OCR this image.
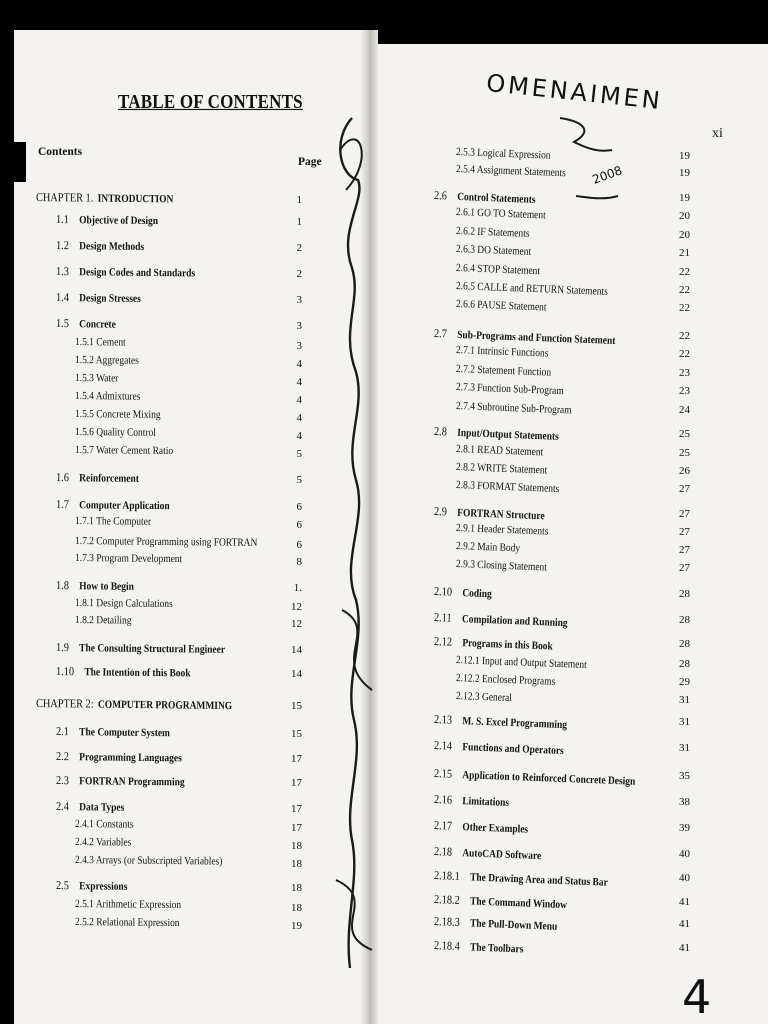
TABLE OF CONTENTS
Contents
Page
CHAPTER 1. INTRODUCTION	1
1.1 Objective of Design	1
1.2 Design Methods	2
1.3 Design Codes and Standards	2
1.4 Design Stresses	3
1.5 Concrete	3
1.5.1 Cement	3
1.5.2 Aggregates	4
1.5.3 Water	4
1.5.4 Admixtures	4
1.5.5 Concrete Mixing	4
1.5.6 Quality Control	4
1.5.7 Water Cement Ratio	5
1.6 Reinforcement	5
1.7 Computer Application	6
1.7.1 The Computer	6
1.7.2 Computer Programming using FORTRAN	6
1.7.3 Program Development	8
1.8 How to Begin	1.
1.8.1 Design Calculations	12
1.8.2 Detailing	12
1.9 The Consulting Structural Engineer	14
1.10 The Intention of this Book	14
CHAPTER 2: COMPUTER PROGRAMMING	15
2.1 The Computer System	15
2.2 Programming Languages	17
2.3 FORTRAN Programming	17
2.4 Data Types	17
2.4.1 Constants	17
2.4.2 Variables	18
2.4.3 Arrays (or Subscripted Variables)	18
2.5 Expressions	18
2.5.1 Arithmetic Expression	18
2.5.2 Relational Expression	19
xi
OMENAIMEN
2008
4
2.5.3 Logical Expression	19
2.5.4 Assignment Statements	19
2.6 Control Statements	19
2.6.1 GO TO Statement	20
2.6.2 IF Statements	20
2.6.3 DO Statement	21
2.6.4 STOP Statement	22
2.6.5 CALLE and RETURN Statements	22
2.6.6 PAUSE Statement	22
2.7 Sub-Programs and Function Statement	22
2.7.1 Intrinsic Functions	22
2.7.2 Statement Function	23
2.7.3 Function Sub-Program	23
2.7.4 Subroutine Sub-Program	24
2.8 Input/Output Statements	25
2.8.1 READ Statement	25
2.8.2 WRITE Statement	26
2.8.3 FORMAT Statements	27
2.9 FORTRAN Structure	27
2.9.1 Header Statements	27
2.9.2 Main Body	27
2.9.3 Closing Statement	27
2.10 Coding	28
2.11 Compilation and Running	28
2.12 Programs in this Book	28
2.12.1 Input and Output Statement	28
2.12.2 Enclosed Programs	29
2.12.3 General	31
2.13 M. S. Excel Programming	31
2.14 Functions and Operators	31
2.15 Application to Reinforced Concrete Design	35
2.16 Limitations	38
2.17 Other Examples	39
2.18 AutoCAD Software	40
2.18.1 The Drawing Area and Status Bar	40
2.18.2 The Command Window	41
2.18.3 The Pull-Down Menu	41
2.18.4 The Toolbars	41
